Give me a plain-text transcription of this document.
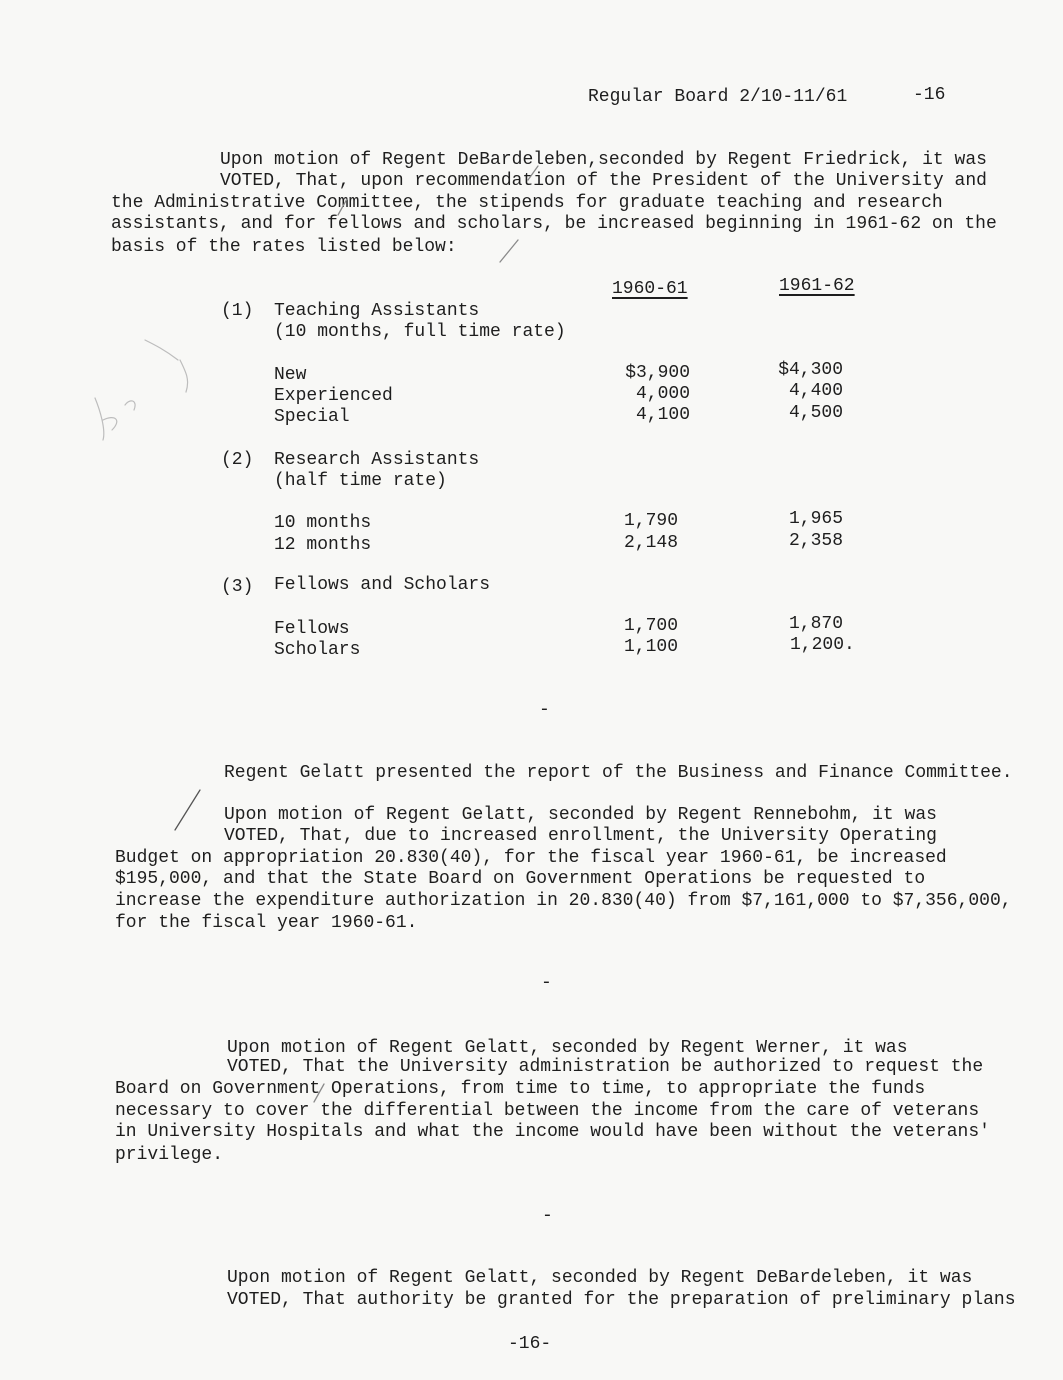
Regular Board 2/10-11/61	-16
Upon motion of Regent DeBardeleben,seconded by Regent Friedrick, it was
VOTED, That, upon recommendation of the President of the University and
the Administrative Committee, the stipends for graduate teaching and research
assistants, and for fellows and scholars, be increased beginning in 1961-62 on the
basis of the rates listed below:
1960-61	1961-62
(1) Teaching Assistants
(10 months, full time rate)
New	$3,900	$4,300
Experienced	4,000	4,400
Special	4,100	4,500
(2) Research Assistants
(half time rate)
10 months	1,790	1,965
12 months	2,148	2,358
(3) Fellows and Scholars
Fellows	1,700	1,870
Scholars	1,100	1,200.
-
Regent Gelatt presented the report of the Business and Finance Committee.
Upon motion of Regent Gelatt, seconded by Regent Rennebohm, it was
VOTED, That, due to increased enrollment, the University Operating
Budget on appropriation 20.830(40), for the fiscal year 1960-61, be increased
$195,000, and that the State Board on Government Operations be requested to
increase the expenditure authorization in 20.830(40) from $7,161,000 to $7,356,000,
for the fiscal year 1960-61.
-
Upon motion of Regent Gelatt, seconded by Regent Werner, it was
VOTED, That the University administration be authorized to request the
Board on Government Operations, from time to time, to appropriate the funds
necessary to cover the differential between the income from the care of veterans
in University Hospitals and what the income would have been without the veterans'
privilege.
-
Upon motion of Regent Gelatt, seconded by Regent DeBardeleben, it was
VOTED, That authority be granted for the preparation of preliminary plans
-16-
